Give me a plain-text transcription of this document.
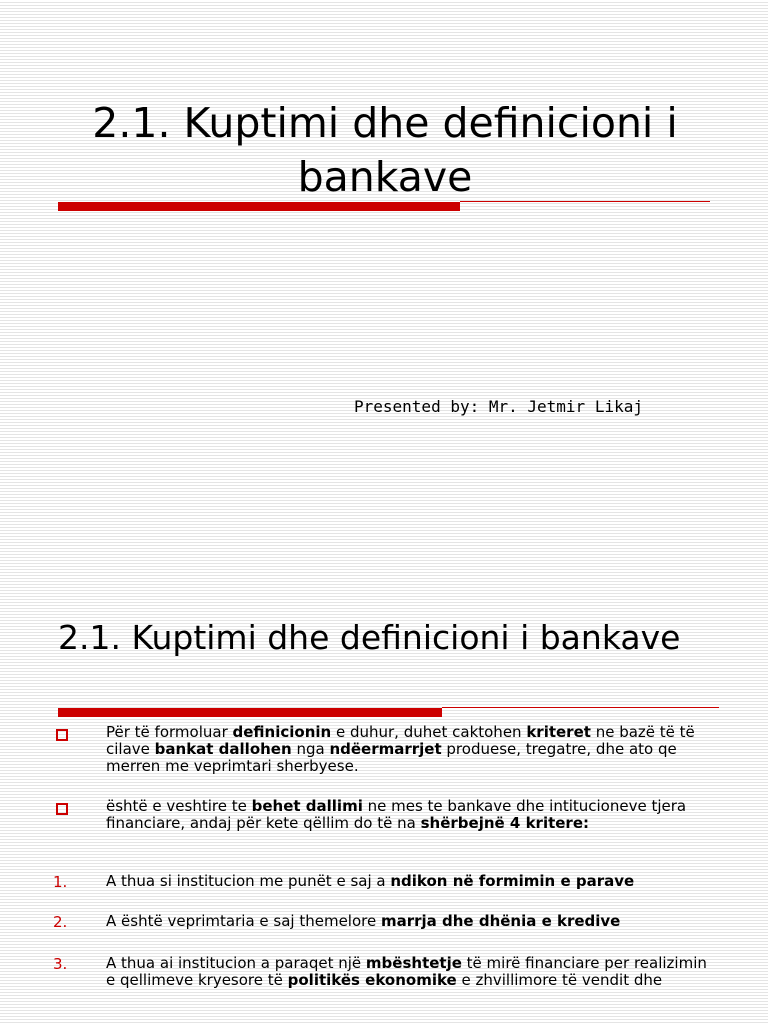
2.1. Kuptimi dhe definicioni i bankave
Presented by: Mr. Jetmir Likaj
2.1. Kuptimi dhe definicioni i bankave
Për të formoluar definicionin e duhur, duhet caktohen kriteret ne bazë të të cilave bankat dallohen nga ndëermarrjet produese, tregatre, dhe ato qe merren me veprimtari sherbyese.
është e veshtire te behet dallimi ne mes te bankave dhe intitucioneve tjera financiare, andaj për kete qëllim do të na shërbejnë 4 kritere:
1.	A thua si institucion me punët e saj a ndikon në formimin e parave
2.	A është veprimtaria e saj themelore marrja dhe dhënia e kredive
3.	A thua ai institucion a paraqet një mbështetje të mirë financiare per realizimin e qellimeve kryesore të politikës ekonomike e zhvillimore të vendit dhe
